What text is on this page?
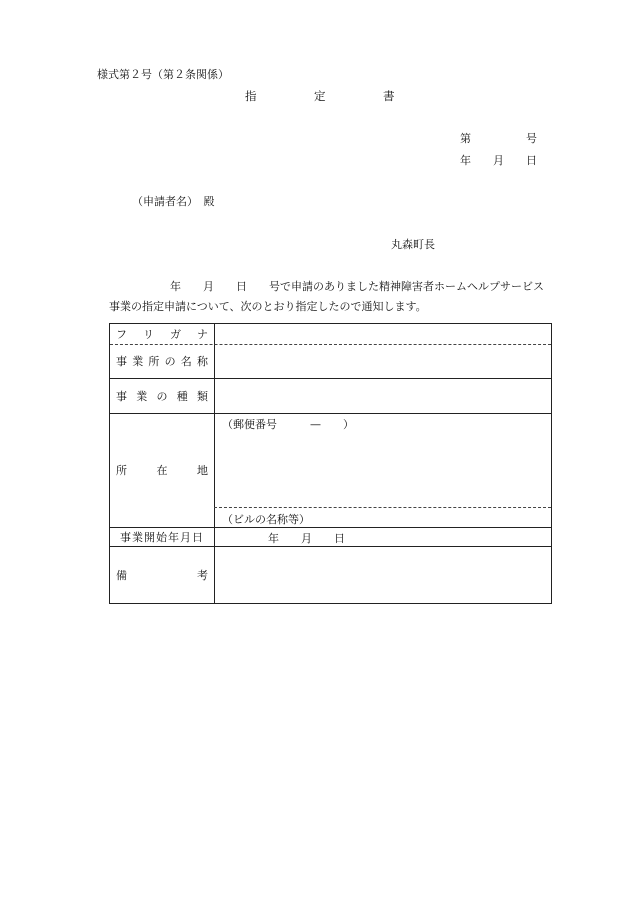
様式第２号（第２条関係）
指　　　　　定　　　　　書
第　　　　　号
年　　月　　日
（申請者名）　殿
丸森町長
年　　月　　日　　号で申請のありました精神障害者ホームヘルプサービス
事業の指定申請について、次のとおり指定したので通知します。
フ リ ガ ナ
事 業 所 の 名 称
事 業 の 種 類
所	在	地
（郵便番号　　　—　　）
（ビルの名称等）
事業開始年月日	年　　月　　日
備	考
